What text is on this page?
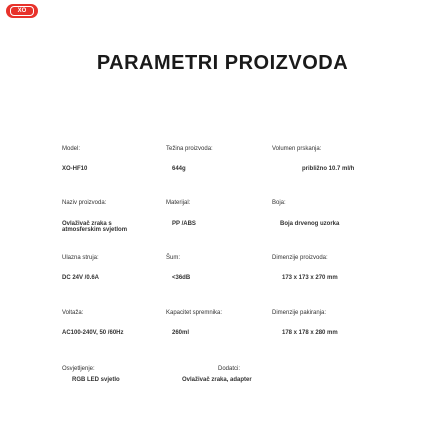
XO
PARAMETRI PROIZVODA
Model:
XO-HF10
Naziv proizvoda:
Ovlaživač zraka s atmosferskim svjetlom
Ulazna struja:
DC 24V /0.6A
Voltaža:
AC100-240V, 50 /60Hz
Osvjetljenje:
RGB LED svjetlo
Težina proizvoda:
644g
Materijal:
PP /ABS
Šum:
<36dB
Kapacitet spremnika:
260ml
Dodatci:
Ovlaživač zraka, adapter
Volumen prskanja:
približno 10.7 ml/h
Boja:
Boja drvenog uzorka
Dimenzije proizvoda:
173 x 173 x 270 mm
Dimenzije pakiranja:
178 x 178 x 280 mm
